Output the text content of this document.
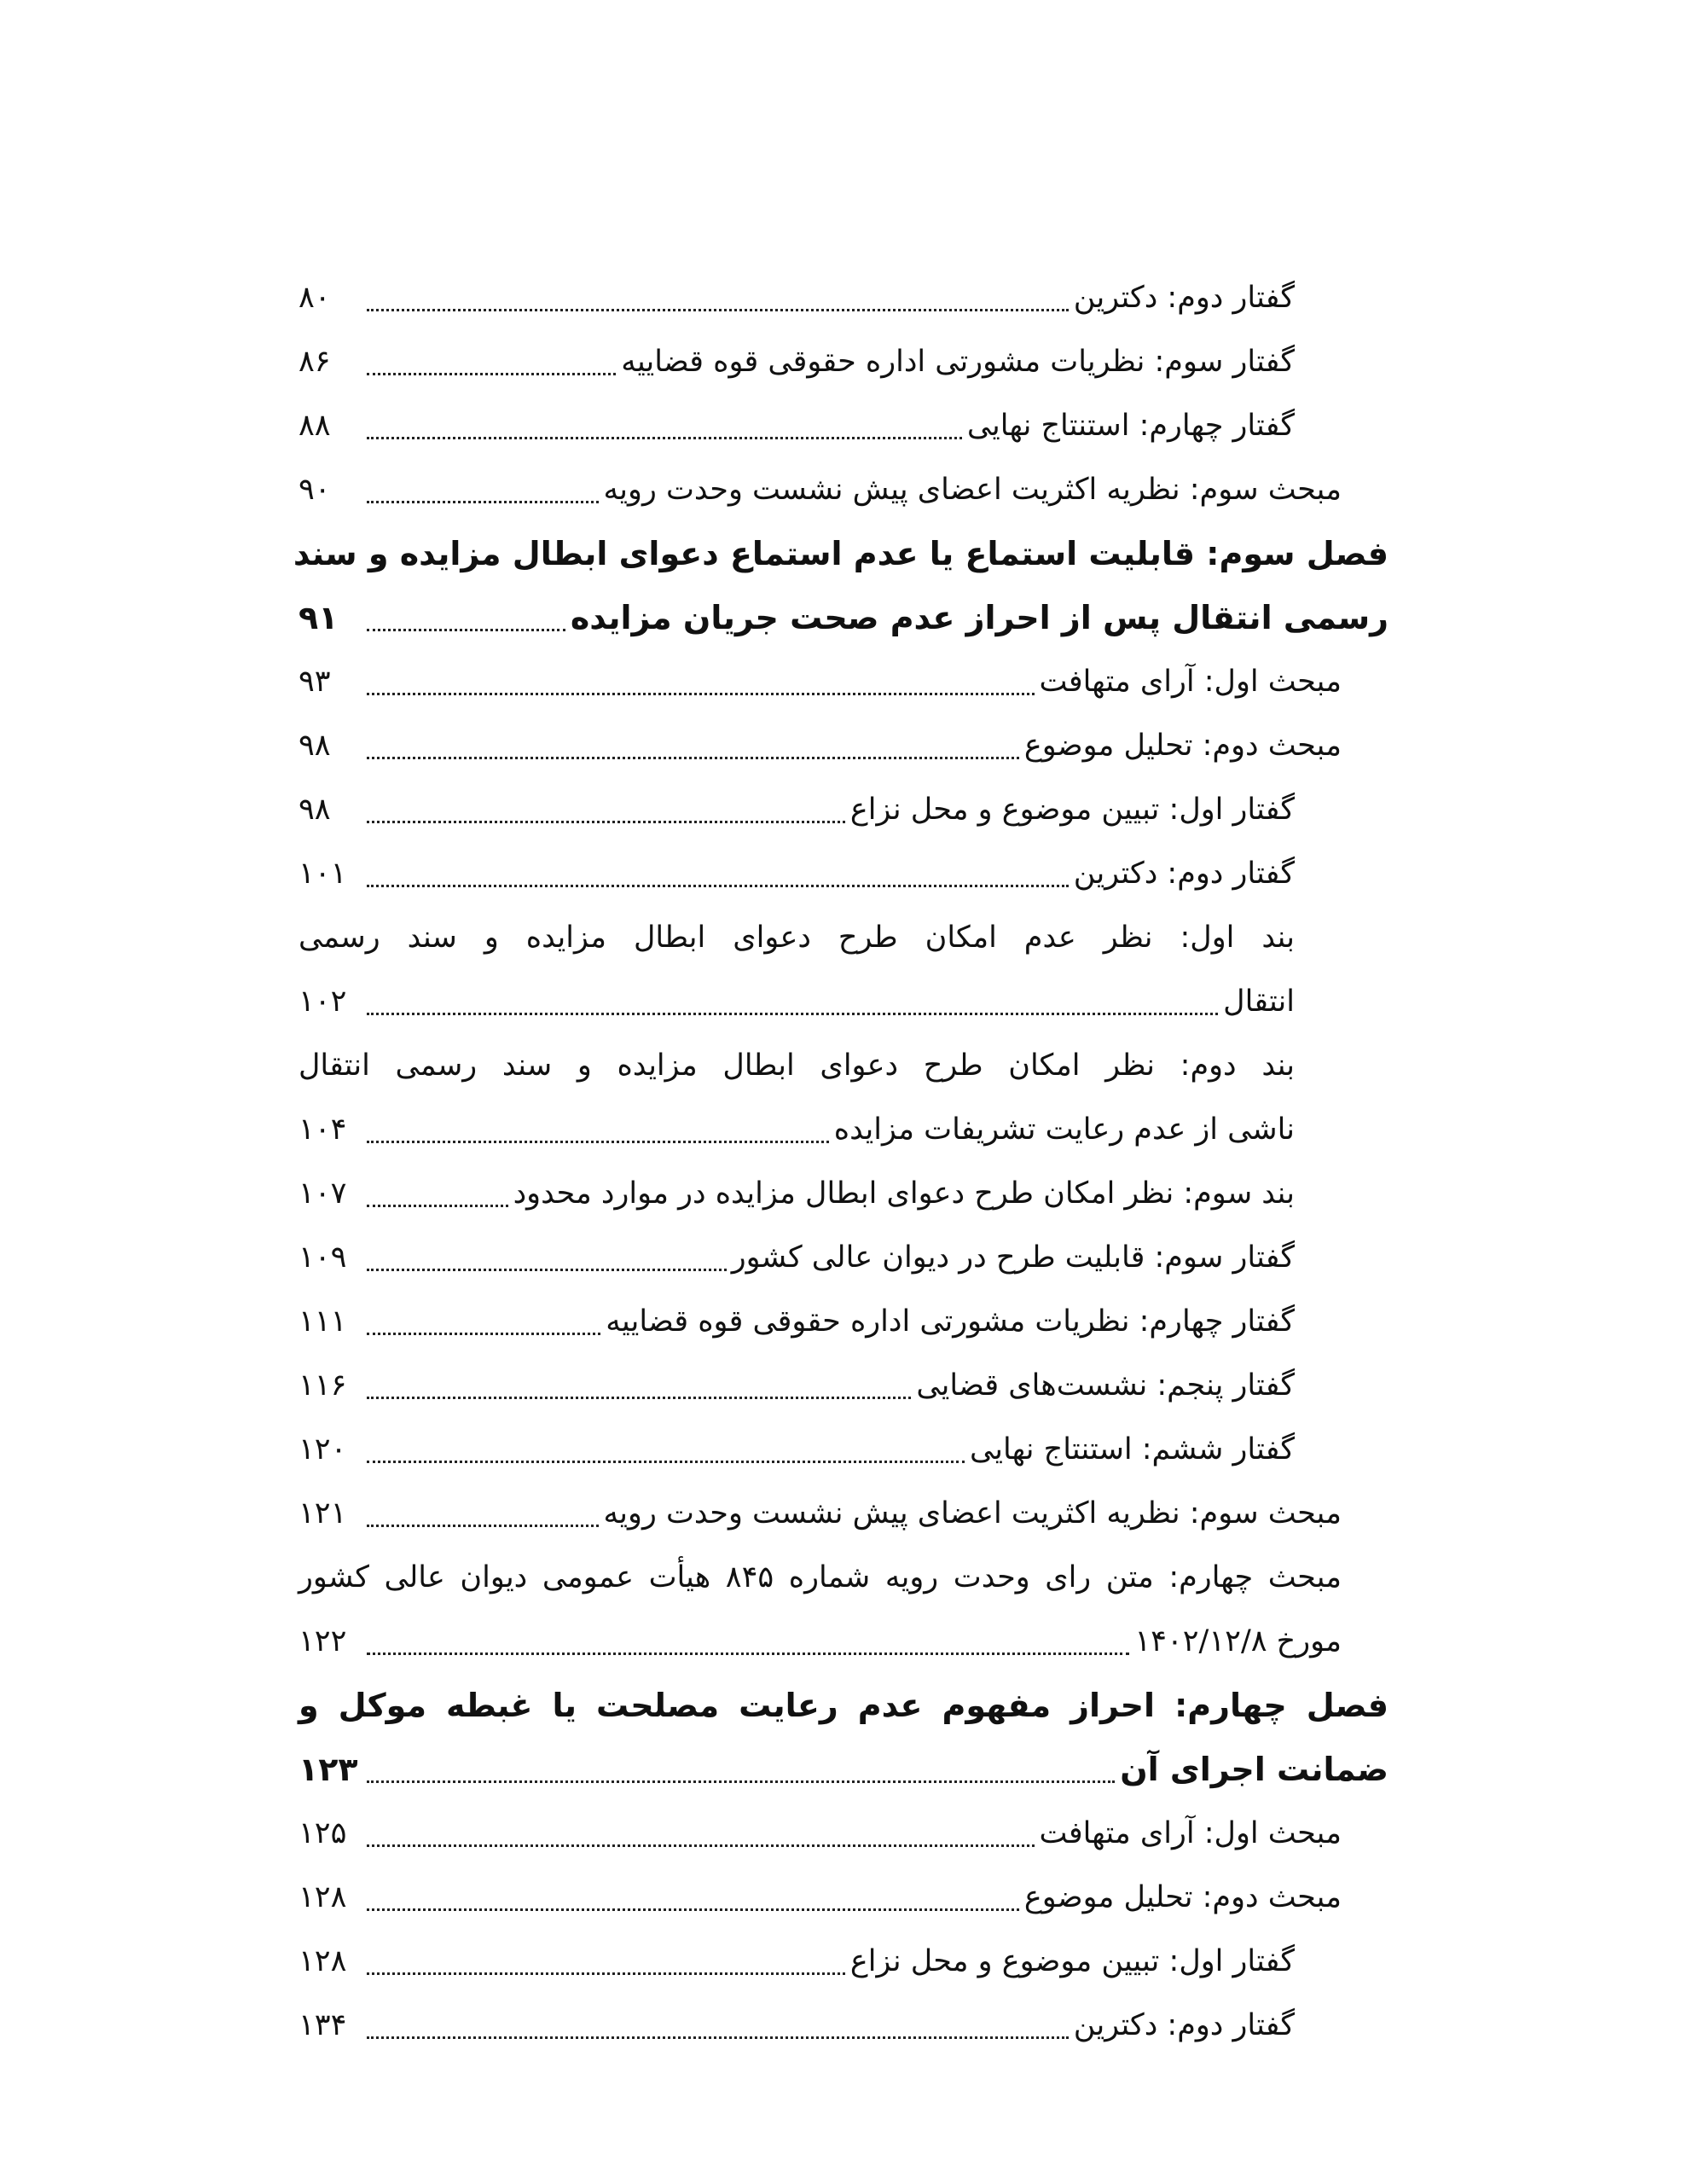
گفتار دوم: دکترین
۸۰
گفتار سوم: نظریات مشورتی اداره حقوقی قوه قضاییه
۸۶
گفتار چهارم: استنتاج نهایی
۸۸
مبحث سوم: نظریه اکثریت اعضای پیش نشست وحدت رویه
۹۰
فصل سوم: قابلیت استماع یا عدم استماع دعوای ابطال مزایده و سند
رسمی انتقال پس از احراز عدم صحت جریان مزایده
۹۱
مبحث اول: آرای متهافت
۹۳
مبحث دوم: تحلیل موضوع
۹۸
گفتار اول: تبیین موضوع و محل نزاع
۹۸
گفتار دوم: دکترین
۱۰۱
بند اول: نظر عدم امکان طرح دعوای ابطال مزایده و سند رسمی
انتقال
۱۰۲
بند دوم: نظر امکان طرح دعوای ابطال مزایده و سند رسمی انتقال
ناشی از عدم رعایت تشریفات مزایده
۱۰۴
بند سوم: نظر امکان طرح دعوای ابطال مزایده در موارد محدود
۱۰۷
گفتار سوم: قابلیت طرح در دیوان عالی کشور
۱۰۹
گفتار چهارم: نظریات مشورتی اداره حقوقی قوه قضاییه
۱۱۱
گفتار پنجم: نشست‌های قضایی
۱۱۶
گفتار ششم: استنتاج نهایی
۱۲۰
مبحث سوم: نظریه اکثریت اعضای پیش نشست وحدت رویه
۱۲۱
مبحث چهارم: متن رای وحدت رویه شماره ۸۴۵ هیأت عمومی دیوان عالی کشور
مورخ ۱۴۰۲/۱۲/۸
۱۲۲
فصل چهارم: احراز مفهوم عدم رعایت مصلحت یا غبطه موکل و
ضمانت اجرای آن
۱۲۳
مبحث اول: آرای متهافت
۱۲۵
مبحث دوم: تحلیل موضوع
۱۲۸
گفتار اول: تبیین موضوع و محل نزاع
۱۲۸
گفتار دوم: دکترین
۱۳۴
